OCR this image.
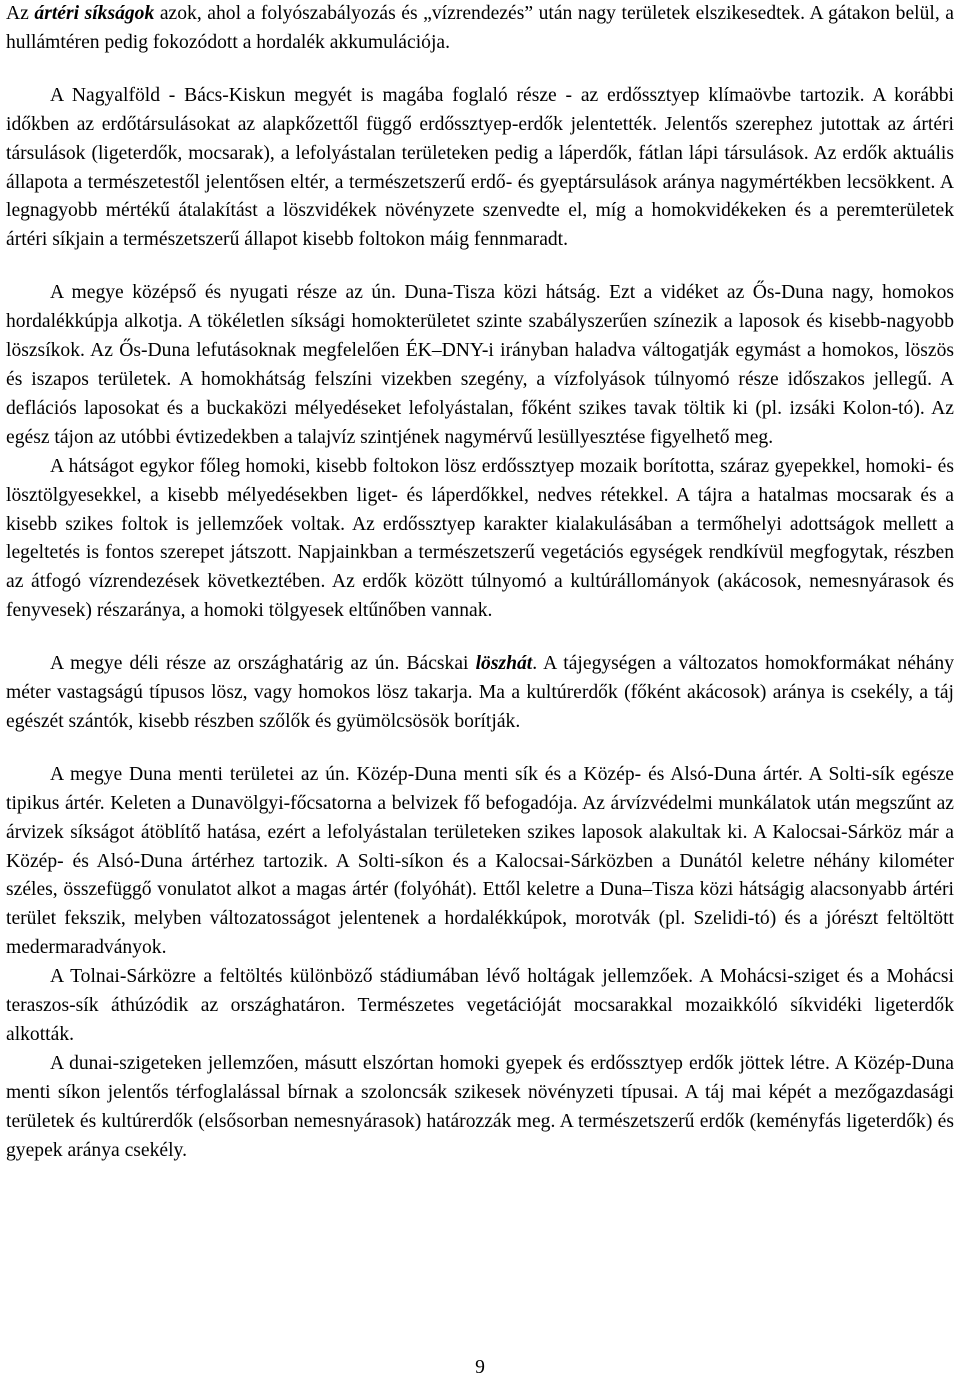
Az ártéri síkságok azok, ahol a folyószabályozás és „vízrendezés” után nagy területek elszikesedtek. A gátakon belül, a hullámtéren pedig fokozódott a hordalék akkumulációja.

A Nagyalföld - Bács-Kiskun megyét is magába foglaló része - az erdőssztyep klímaövbe tartozik. A korábbi időkben az erdőtársulásokat az alapkőzettől függő erdőssztyep-erdők jelentették. Jelentős szerephez jutottak az ártéri társulások (ligeterdők, mocsarak), a lefolyástalan területeken pedig a láperdők, fátlan lápi társulások. Az erdők aktuális állapota a természetestől jelentősen eltér, a természetszerű erdő- és gyeptársulások aránya nagymértékben lecsökkent. A legnagyobb mértékű átalakítást a löszvidékek növényzete szenvedte el, míg a homokvidékeken és a peremterületek ártéri síkjain a természetszerű állapot kisebb foltokon máig fennmaradt.

A megye középső és nyugati része az ún. Duna-Tisza közi hátság. Ezt a vidéket az Ős-Duna nagy, homokos hordalékkúpja alkotja. A tökéletlen síksági homokterületet szinte szabályszerűen színezik a laposok és kisebb-nagyobb löszsíkok. Az Ős-Duna lefutásoknak megfelelően ÉK–DNY-i irányban haladva váltogatják egymást a homokos, löszös és iszapos területek. A homokhátság felszíni vizekben szegény, a vízfolyások túlnyomó része időszakos jellegű. A deflációs laposokat és a buckaközi mélyedéseket lefolyástalan, főként szikes tavak töltik ki (pl. izsáki Kolon-tó). Az egész tájon az utóbbi évtizedekben a talajvíz szintjének nagymérvű lesüllyesztése figyelhető meg.

A hátságot egykor főleg homoki, kisebb foltokon lösz erdőssztyep mozaik borította, száraz gyepekkel, homoki- és lösztölgyesekkel, a kisebb mélyedésekben liget- és láperdőkkel, nedves rétekkel. A tájra a hatalmas mocsarak és a kisebb szikes foltok is jellemzőek voltak. Az erdőssztyep karakter kialakulásában a termőhelyi adottságok mellett a legeltetés is fontos szerepet játszott. Napjainkban a természetszerű vegetációs egységek rendkívül megfogytak, részben az átfogó vízrendezések következtében. Az erdők között túlnyomó a kultúrállományok (akácosok, nemesnyárasok és fenyvesek) részaránya, a homoki tölgyesek eltűnőben vannak.

A megye déli része az országhatárig az ún. Bácskai löszhát. A tájegységen a változatos homokformákat néhány méter vastagságú típusos lösz, vagy homokos lösz takarja. Ma a kultúrerdők (főként akácosok) aránya is csekély, a táj egészét szántók, kisebb részben szőlők és gyümölcsösök borítják.

A megye Duna menti területei az ún. Közép-Duna menti sík és a Közép- és Alsó-Duna ártér. A Solti-sík egésze tipikus ártér. Keleten a Dunavölgyi-főcsatorna a belvizek fő befogadója. Az árvízvédelmi munkálatok után megszűnt az árvizek síkságot átöblítő hatása, ezért a lefolyástalan területeken szikes laposok alakultak ki. A Kalocsai-Sárköz már a Közép- és Alsó-Duna ártérhez tartozik. A Solti-síkon és a Kalocsai-Sárközben a Dunától keletre néhány kilométer széles, összefüggő vonulatot alkot a magas ártér (folyóhát). Ettől keletre a Duna–Tisza közi hátságig alacsonyabb ártéri terület fekszik, melyben változatosságot jelentenek a hordalékkúpok, morotvák (pl. Szelidi-tó) és a jórészt feltöltött medermaradványok.

A Tolnai-Sárközre a feltöltés különböző stádiumában lévő holtágak jellemzőek. A Mohácsi-sziget és a Mohácsi teraszos-sík áthúzódik az országhatáron. Természetes vegetációját mocsarakkal mozaikkóló síkvidéki ligeterdők alkották.

A dunai-szigeteken jellemzően, másutt elszórtan homoki gyepek és erdőssztyep erdők jöttek létre. A Közép-Duna menti síkon jelentős térfoglalással bírnak a szoloncsák szikesek növényzeti típusai. A táj mai képét a mezőgazdasági területek és kultúrerdők (elsősorban nemesnyárasok) határozzák meg. A természetszerű erdők (keményfás ligeterdők) és gyepek aránya csekély.

9
